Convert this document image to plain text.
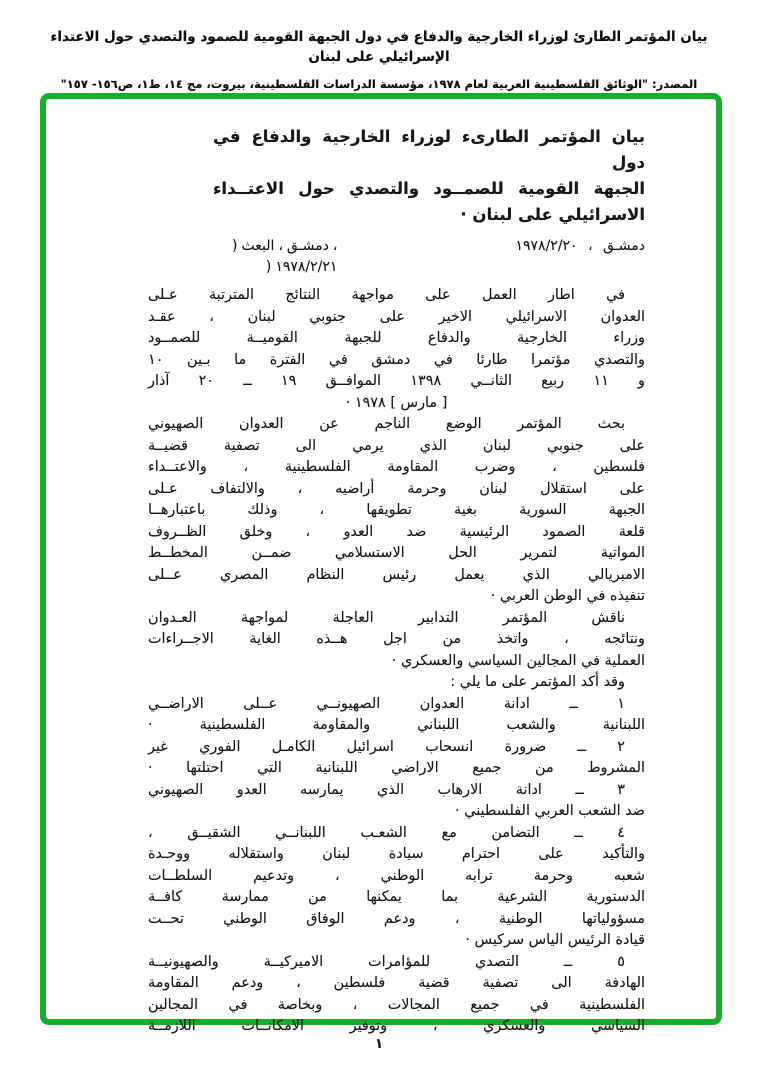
بيان المؤتمر الطارئ لوزراء الخارجية والدفاع في دول الجبهة القومية للصمود والتصدي حول الاعتداء الإسرائيلي على لبنان
المصدر: "الوثائق الفلسطينية العربية لعام ١٩٧٨، مؤسسة الدراسات الفلسطينية، بيروت، مج ١٤، ط١، ص١٥٦- ١٥٧"
بيان المؤتمر الطارىء لوزراء الخارجية والدفاع في دول
الجبهة القومية للصمــود والتصدي حول الاعتــداء
الاسرائيلي على لبنان ·
دمشـق ، ١٩٧٨/٢/٢٠
( البعث ، دمشـق ،
( ١٩٧٨/٢/٢١
في اطار العمل على مواجهة النتائج المترتبة عـلى
العدوان الاسرائيلي الاخير على جنوبي لبنان ، عقـد
وزراء الخارجية والدفاع للجبهة القوميــة للصمــود
والتصدي مؤتمرا طارئا في دمشق في الفترة ما بـين ١٠
و ١١ ربيع الثانــي ١٣٩٨ الموافــق ١٩ ــ ٢٠ آذار
[ مارس ] ١٩٧٨ ·
بحث المؤتمر الوضع الناجم عن العدوان الصهيوني
على جنوبي لبنان الذي يرمي الى تصفية قضيــة
فلسطين ، وضرب المقاومة الفلسطينية ، والاعتــداء
على استقلال لبنان وحرمة أراضيه ، والالتفاف عـلى
الجبهة السورية بغية تطويقها ، وذلك باعتبارهــا
قلعة الصمود الرئيسية ضد العدو ، وخلق الظــروف
المواتية لتمرير الحل الاستسلامي ضمــن المخطــط
الامبريالي الذي يعمل رئيس النظام المصري عــلى
تنفيذه في الوطن العربي ·
ناقش المؤتمر التدابير العاجلة لمواجهة العـدوان
ونتائجه ، واتخذ من اجل هــذه الغاية الاجــراءات
العملية في المجالين السياسي والعسكري ·
وقد أكد المؤتمر على ما يلي :
١ ــ ادانة العدوان الصهيونــي عــلى الاراضــي
اللبنانية والشعب اللبناني والمقاومة الفلسطينية ·
٢ ــ ضرورة انسحاب اسرائيل الكامـل الفوري غير
المشروط من جميع الاراضي اللبنانية التي احتلتها ·
٣ ــ ادانة الارهاب الذي يمارسه العدو الصهيوني
ضد الشعب العربي الفلسطيني ·
٤ ــ التضامن مع الشعـب اللبنانــي الشقيــق ،
والتأكيد على احترام سيادة لبنان واستقلاله ووحـدة
شعبه وحرمة ترابه الوطني ، وتدعيم السلطــات
الدستورية الشرعية بما يمكنها من ممارسة كافــة
مسؤولياتها الوطنية ، ودعم الوفاق الوطني تحــت
قيادة الرئيس الياس سركيس ·
٥ ــ التصدي للمؤامرات الاميركيــة والصهيونيــة
الهادفة الى تصفية قضية فلسطين ، ودعم المقاومة
الفلسطينية في جميع المجالات ، وبخاصة في المجالين
السياسي والعسكري ، وتوفير الامكانــات اللازمــة
١
